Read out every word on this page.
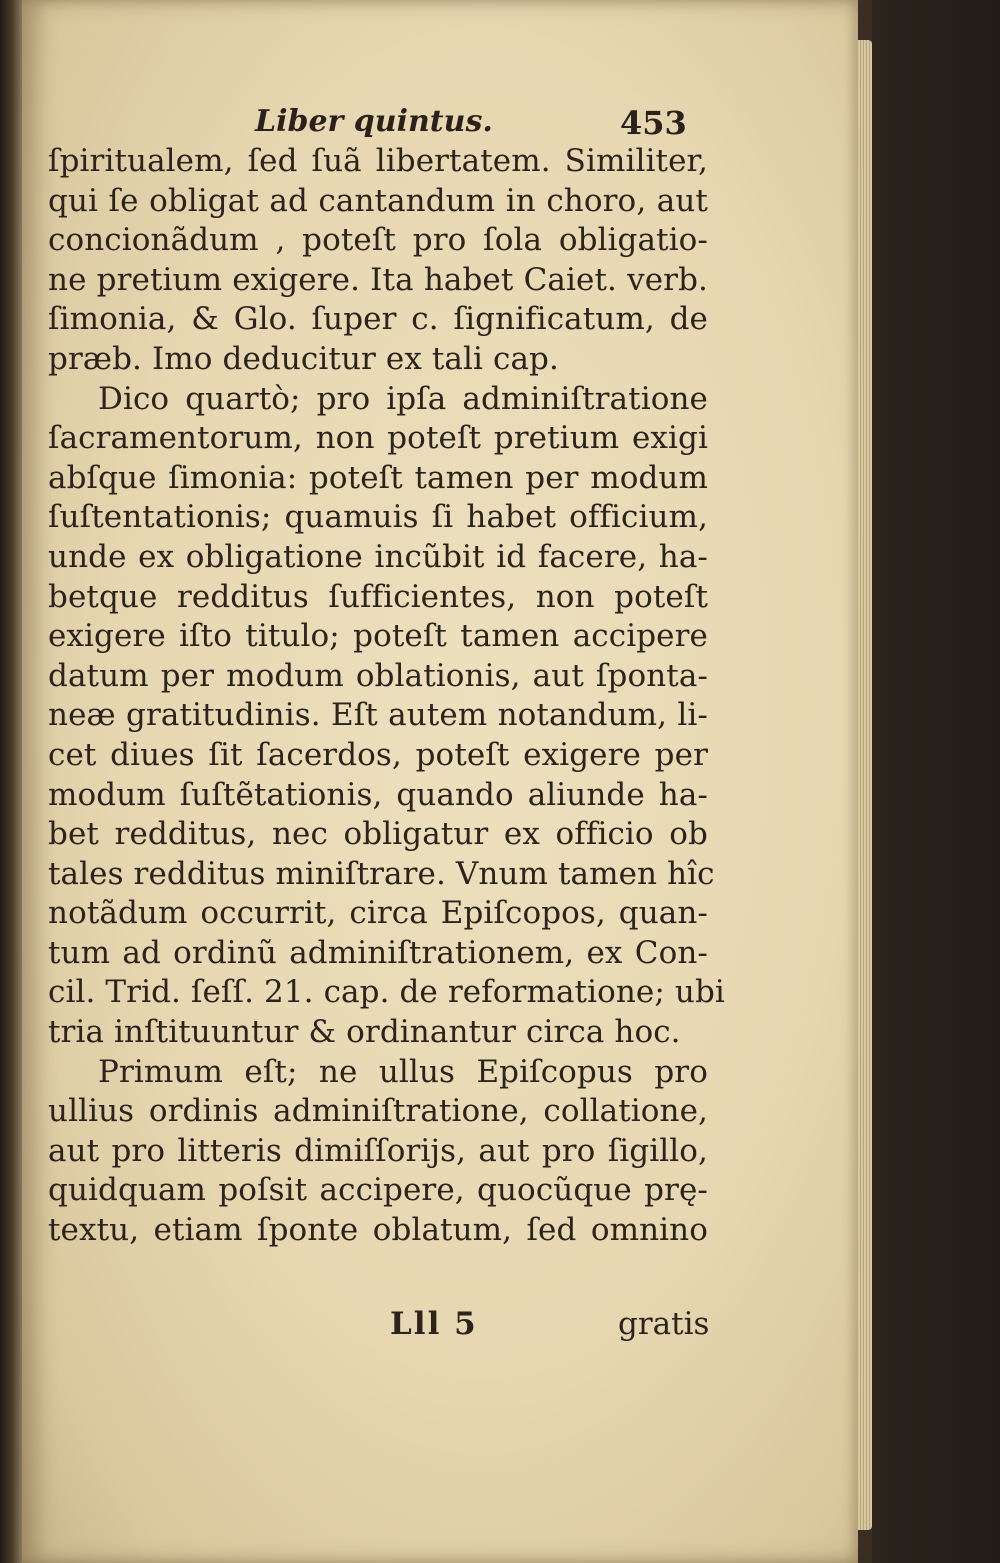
Liber quintus.	453
ſpiritualem, ſed ſuã libertatem. Similiter,
qui ſe obligat ad cantandum in choro, aut
concionãdum , poteſt pro ſola obligatio-
ne pretium exigere. Ita habet Caiet. verb.
ſimonia, & Glo. ſuper c. ſignificatum, de
præb. Imo deducitur ex tali cap.
Dico quartò; pro ipſa adminiſtratione
ſacramentorum, non poteſt pretium exigi
abſque ſimonia: poteſt tamen per modum
ſuſtentationis; quamuis ſi habet officium,
unde ex obligatione incũbit id facere, ha-
betque redditus ſufficientes, non poteſt
exigere iſto titulo; poteſt tamen accipere
datum per modum oblationis, aut ſponta-
neæ gratitudinis. Eſt autem notandum, li-
cet diues ſit ſacerdos, poteſt exigere per
modum ſuſtẽtationis, quando aliunde ha-
bet redditus, nec obligatur ex officio ob
tales redditus miniſtrare. Vnum tamen hîc
notãdum occurrit, circa Epiſcopos, quan-
tum ad ordinũ adminiſtrationem, ex Con-
cil. Trid. ſeſſ. 21. cap. de reformatione; ubi
tria inſtituuntur & ordinantur circa hoc.
Primum eſt; ne ullus Epiſcopus pro
ullius ordinis adminiſtratione, collatione,
aut pro litteris dimiſſorijs, aut pro ſigillo,
quidquam poſsit accipere, quocũque prę-
textu, etiam ſponte oblatum, ſed omnino
Lll 5	gratis
